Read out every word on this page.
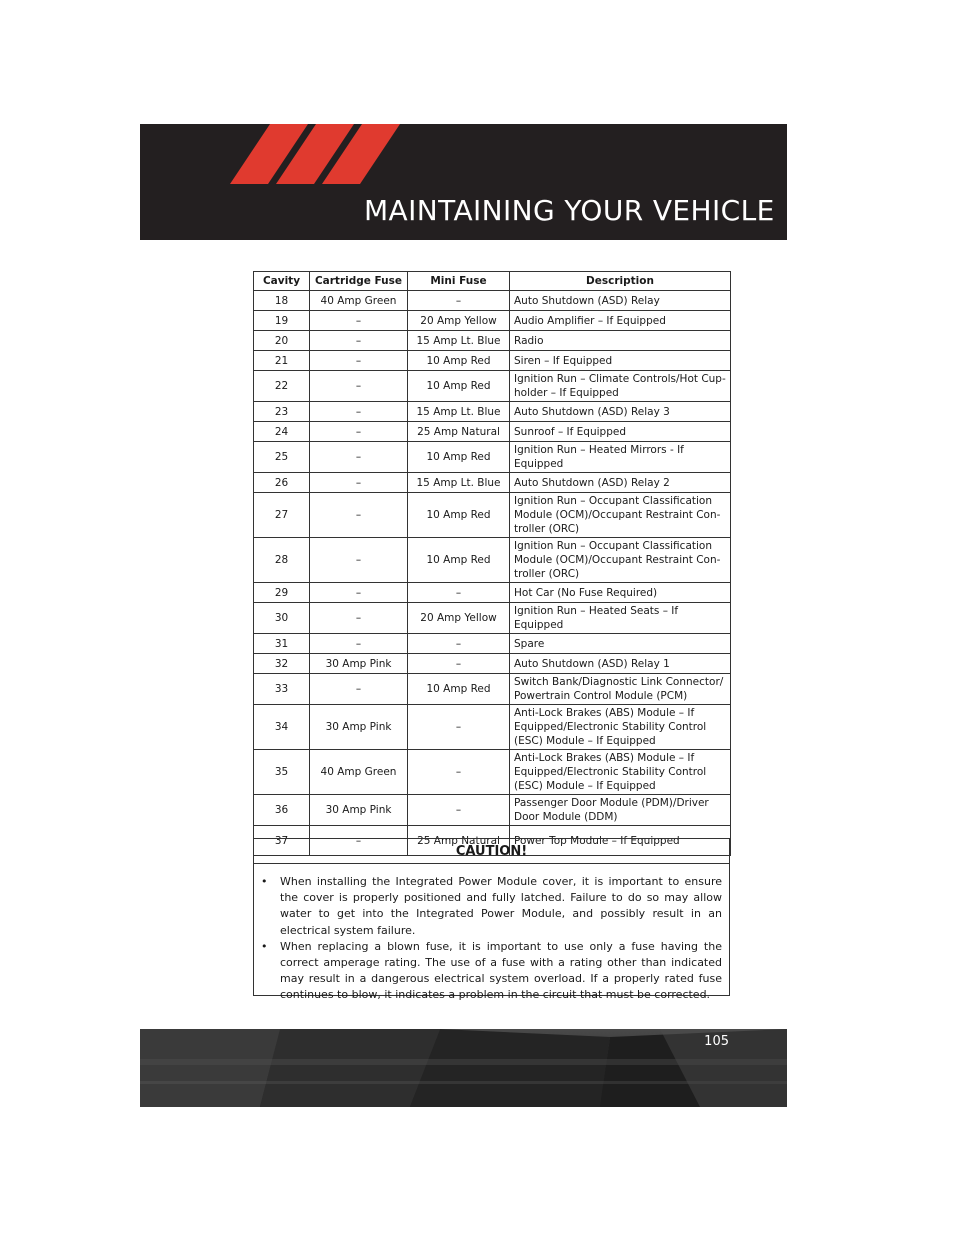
MAINTAINING YOUR VEHICLE
Cavity	Cartridge Fuse	Mini Fuse	Description
18	40 Amp Green	–	Auto Shutdown (ASD) Relay
19	–	20 Amp Yellow	Audio Amplifier – If Equipped
20	–	15 Amp Lt. Blue	Radio
21	–	10 Amp Red	Siren – If Equipped
22	–	10 Amp Red	Ignition Run – Climate Controls/Hot Cup-holder – If Equipped
23	–	15 Amp Lt. Blue	Auto Shutdown (ASD) Relay 3
24	–	25 Amp Natural	Sunroof – If Equipped
25	–	10 Amp Red	Ignition Run – Heated Mirrors - If Equipped
26	–	15 Amp Lt. Blue	Auto Shutdown (ASD) Relay 2
27	–	10 Amp Red	Ignition Run – Occupant Classification Module (OCM)/Occupant Restraint Con-troller (ORC)
28	–	10 Amp Red	Ignition Run – Occupant Classification Module (OCM)/Occupant Restraint Con-troller (ORC)
29	–	–	Hot Car (No Fuse Required)
30	–	20 Amp Yellow	Ignition Run – Heated Seats – If Equipped
31	–	–	Spare
32	30 Amp Pink	–	Auto Shutdown (ASD) Relay 1
33	–	10 Amp Red	Switch Bank/Diagnostic Link Connector/ Powertrain Control Module (PCM)
34	30 Amp Pink	–	Anti-Lock Brakes (ABS) Module – If Equipped/Electronic Stability Control (ESC) Module – If Equipped
35	40 Amp Green	–	Anti-Lock Brakes (ABS) Module – If Equipped/Electronic Stability Control (ESC) Module – If Equipped
36	30 Amp Pink	–	Passenger Door Module (PDM)/Driver Door Module (DDM)
37	–	25 Amp Natural	Power Top Module – If Equipped
CAUTION!
• When installing the Integrated Power Module cover, it is important to ensure the cover is properly positioned and fully latched. Failure to do so may allow water to get into the Integrated Power Module, and possibly result in an electrical system failure.
• When replacing a blown fuse, it is important to use only a fuse having the correct amperage rating. The use of a fuse with a rating other than indicated may result in a dangerous electrical system overload. If a properly rated fuse continues to blow, it indicates a problem in the circuit that must be corrected.
105
